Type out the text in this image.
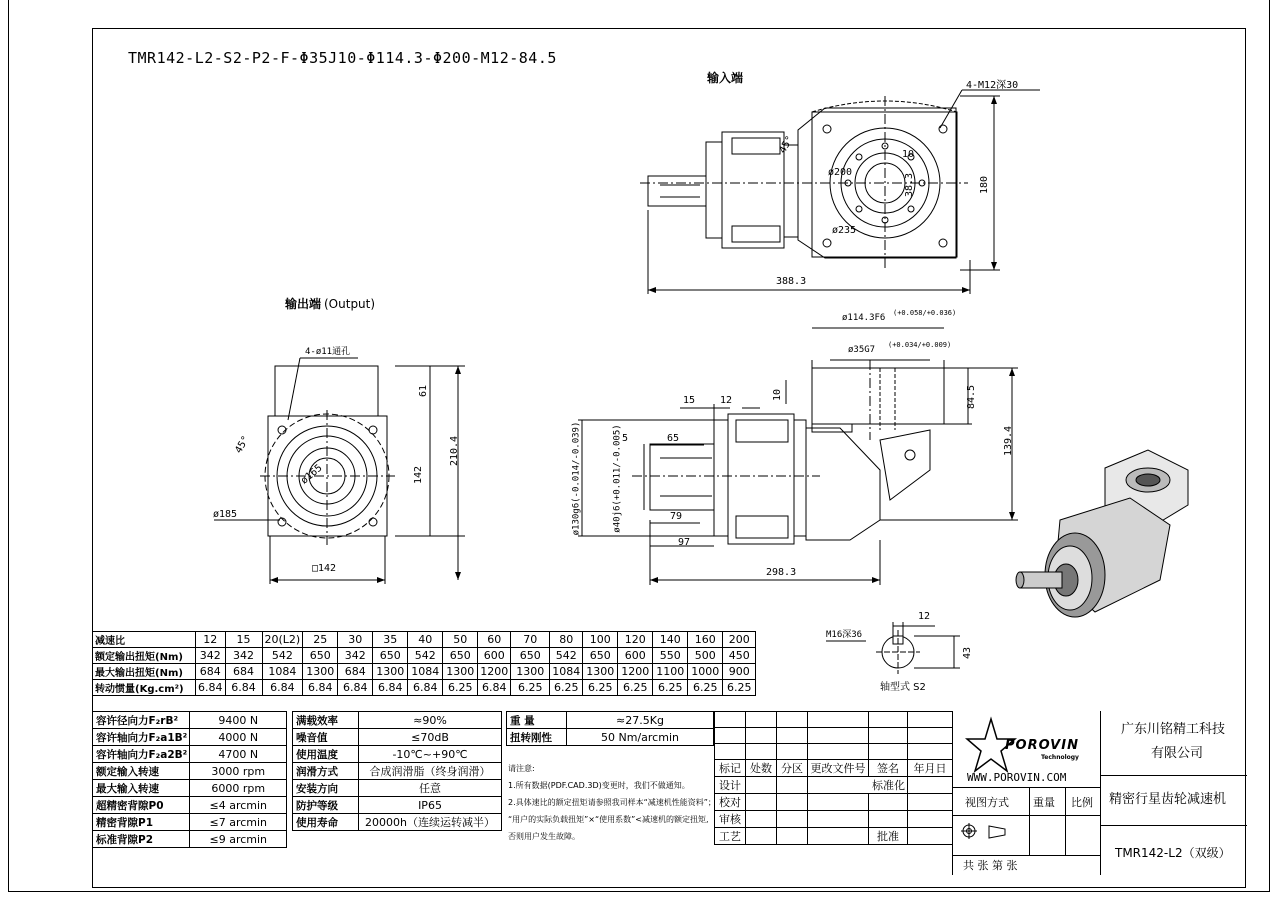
TMR142-L2-S2-P2-F-Φ35J10-Φ114.3-Φ200-M12-84.5
输入端
输出端 (Output)
轴型式 S2
4-M12深30
ø200
10
38.3
ø235
45°
180
388.3
4-ø11通孔
61
210.4
142
ø165
ø185
□142
45°
ø114.3F6 (+0.058/+0.036)
ø35G7 (+0.034/+0.009)
15 12	10	84.5
139.4
5	65
ø130g6(-0.014/-0.039)	ø40j6(+0.011/-0.005)	79
97
298.3
12
M16深36
43
减速比	12	15	20(L2)	25	30	35	40	50	60	70	80	100	120	140	160	200
额定输出扭矩(Nm)	342	342	542	650	342	650	542	650	600	650	542	650	600	550	500	450
最大输出扭矩(Nm)	684	684	1084	1300	684	1300	1084	1300	1200	1300	1084	1300	1200	1100	1000	900
转动惯量(Kg.cm²)	6.84	6.84	6.84	6.84	6.84	6.84	6.84	6.25	6.84	6.25	6.25	6.25	6.25	6.25	6.25	6.25
容许径向力F₂rB²	9400 N
容许轴向力F₂a1B²	4000 N
容许轴向力F₂a2B²	4700 N
额定输入转速	3000 rpm
最大输入转速	6000 rpm
超精密背隙P0	≤4 arcmin
精密背隙P1	≤7 arcmin
标准背隙P2	≤9 arcmin
满载效率	≈90%
噪音值	≤70dB
使用温度	-10℃~+90℃
润滑方式	合成润滑脂（终身润滑）
安装方向	任意
防护等级	IP65
使用寿命	20000h（连续运转减半）
重 量	≈27.5Kg
扭转刚性	50 Nm/arcmin
请注意:
1.所有数据(PDF.CAD.3D)变更时，我们不做通知。
2.具体速比的额定扭矩请参照我司样本“减速机性能资料”；
“用户的实际负载扭矩”×“使用系数”<减速机的额定扭矩,
否则用户发生故障。

标记	处数	分区	更改文件号	签名	年月日
设计			标准化		
校对					
审核					
工艺				批准	
POROVIN
Technology
WWW.POROVIN.COM
视图方式 重量 比例
共 张 第 张
广东川铭精工科技
有限公司
精密行星齿轮减速机
TMR142-L2（双级）
